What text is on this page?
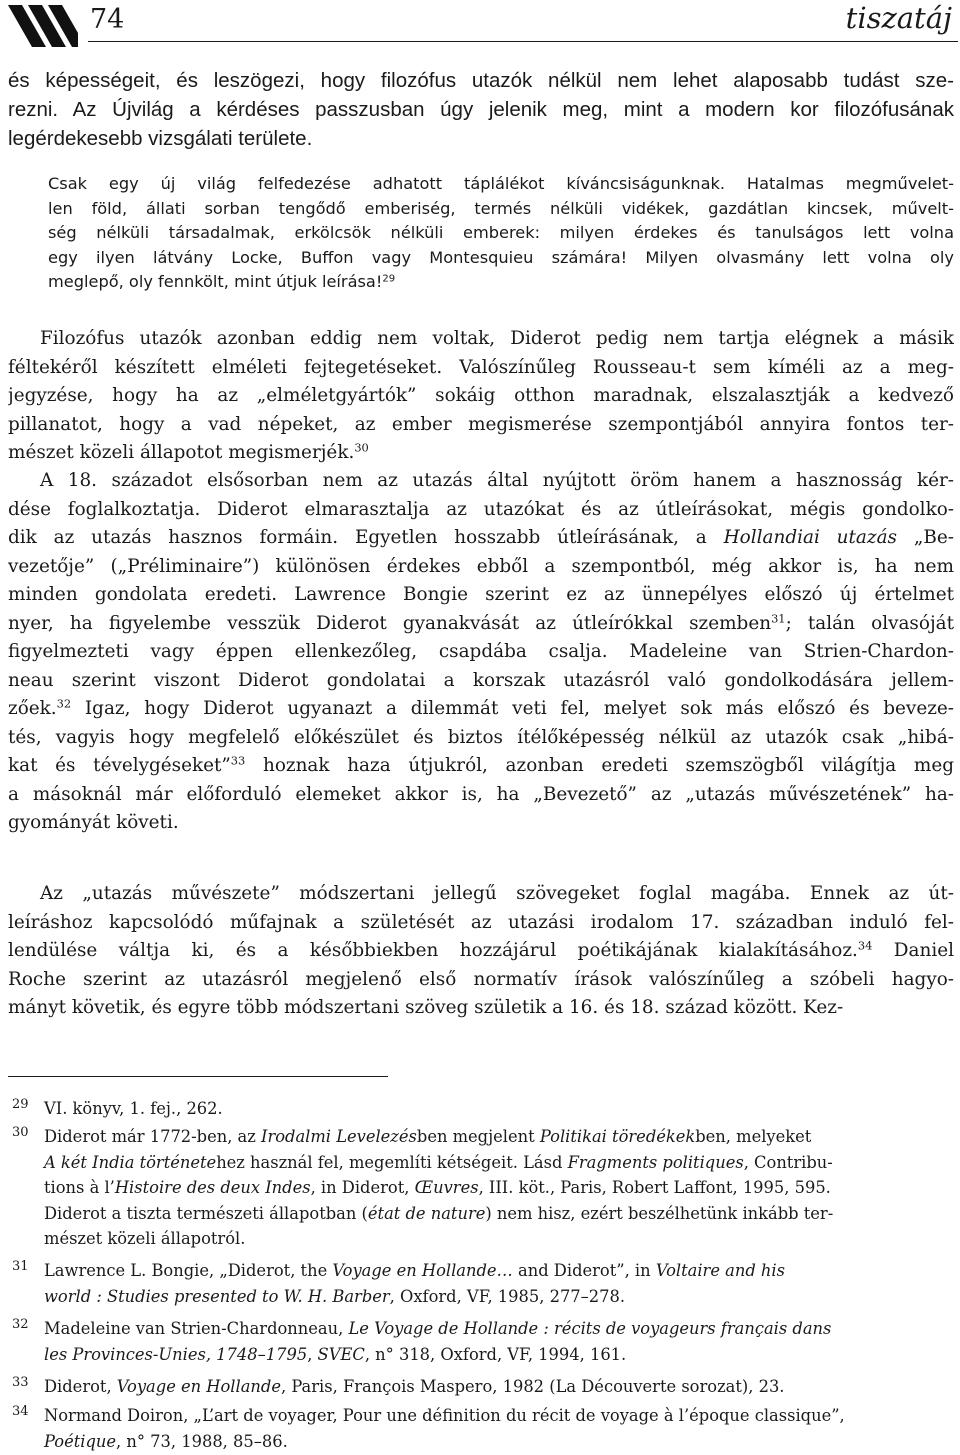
74	tiszatáj
és képességeit, és leszögezi, hogy filozófus utazók nélkül nem lehet alaposabb tudást sze-
rezni. Az Újvilág a kérdéses passzusban úgy jelenik meg, mint a modern kor filozófusának
legérdekesebb vizsgálati területe.
Csak egy új világ felfedezése adhatott táplálékot kíváncsiságunknak. Hatalmas megművelet-
len föld, állati sorban tengődő emberiség, termés nélküli vidékek, gazdátlan kincsek, művelt-
ség nélküli társadalmak, erkölcsök nélküli emberek: milyen érdekes és tanulságos lett volna
egy ilyen látvány Locke, Buffon vagy Montesquieu számára! Milyen olvasmány lett volna oly
meglepő, oly fennkölt, mint útjuk leírása!$^{29}$
Filozófus utazók azonban eddig nem voltak, Diderot pedig nem tartja elégnek a másik
féltekéről készített elméleti fejtegetéseket. Valószínűleg Rousseau-t sem kíméli az a meg-
jegyzése, hogy ha az „elméletgyártók” sokáig otthon maradnak, elszalasztják a kedvező
pillanatot, hogy a vad népeket, az ember megismerése szempontjából annyira fontos ter-
mészet közeli állapotot megismerjék.$^{30}$
A 18. századot elsősorban nem az utazás által nyújtott öröm hanem a hasznosság kér-
dése foglalkoztatja. Diderot elmarasztalja az utazókat és az útleírásokat, mégis gondolko-
dik az utazás hasznos formáin. Egyetlen hosszabb útleírásának, a Hollandiai utazás „Be-
vezetője” („Préliminaire”) különösen érdekes ebből a szempontból, még akkor is, ha nem
minden gondolata eredeti. Lawrence Bongie szerint ez az ünnepélyes előszó új értelmet
nyer, ha figyelembe vesszük Diderot gyanakvását az útleírókkal szemben$^{31}$; talán olvasóját
figyelmezteti vagy éppen ellenkezőleg, csapdába csalja. Madeleine van Strien-Chardon-
neau szerint viszont Diderot gondolatai a korszak utazásról való gondolkodására jellem-
zőek.$^{32}$ Igaz, hogy Diderot ugyanazt a dilemmát veti fel, melyet sok más előszó és beveze-
tés, vagyis hogy megfelelő előkészület és biztos ítélőképesség nélkül az utazók csak „hibá-
kat és tévelygéseket”$^{33}$ hoznak haza útjukról, azonban eredeti szemszögből világítja meg
a másoknál már előforduló elemeket akkor is, ha „Bevezető” az „utazás művészetének” ha-
gyományát követi.
Az „utazás művészete” módszertani jellegű szövegeket foglal magába. Ennek az út-
leíráshoz kapcsolódó műfajnak a születését az utazási irodalom 17. században induló fel-
lendülése váltja ki, és a későbbiekben hozzájárul poétikájának kialakításához.$^{34}$ Daniel
Roche szerint az utazásról megjelenő első normatív írások valószínűleg a szóbeli hagyo-
mányt követik, és egyre több módszertani szöveg születik a 16. és 18. század között. Kez-
29 VI. könyv, 1. fej., 262.
30 Diderot már 1772-ben, az Irodalmi Levelezésben megjelent Politikai töredékekben, melyeket
A két India történetehez használ fel, megemlíti kétségeit. Lásd Fragments politiques, Contribu-
tions à l’Histoire des deux Indes, in Diderot, Œuvres, III. köt., Paris, Robert Laffont, 1995, 595.
Diderot a tiszta természeti állapotban (état de nature) nem hisz, ezért beszélhetünk inkább ter-
mészet közeli állapotról.
31 Lawrence L. Bongie, „Diderot, the Voyage en Hollande… and Diderot”, in Voltaire and his
world : Studies presented to W. H. Barber, Oxford, VF, 1985, 277–278.
32 Madeleine van Strien-Chardonneau, Le Voyage de Hollande : récits de voyageurs français dans
les Provinces-Unies, 1748–1795, SVEC, n° 318, Oxford, VF, 1994, 161.
33 Diderot, Voyage en Hollande, Paris, François Maspero, 1982 (La Découverte sorozat), 23.
34 Normand Doiron, „L’art de voyager, Pour une définition du récit de voyage à l’époque classique”,
Poétique, n° 73, 1988, 85–86.
